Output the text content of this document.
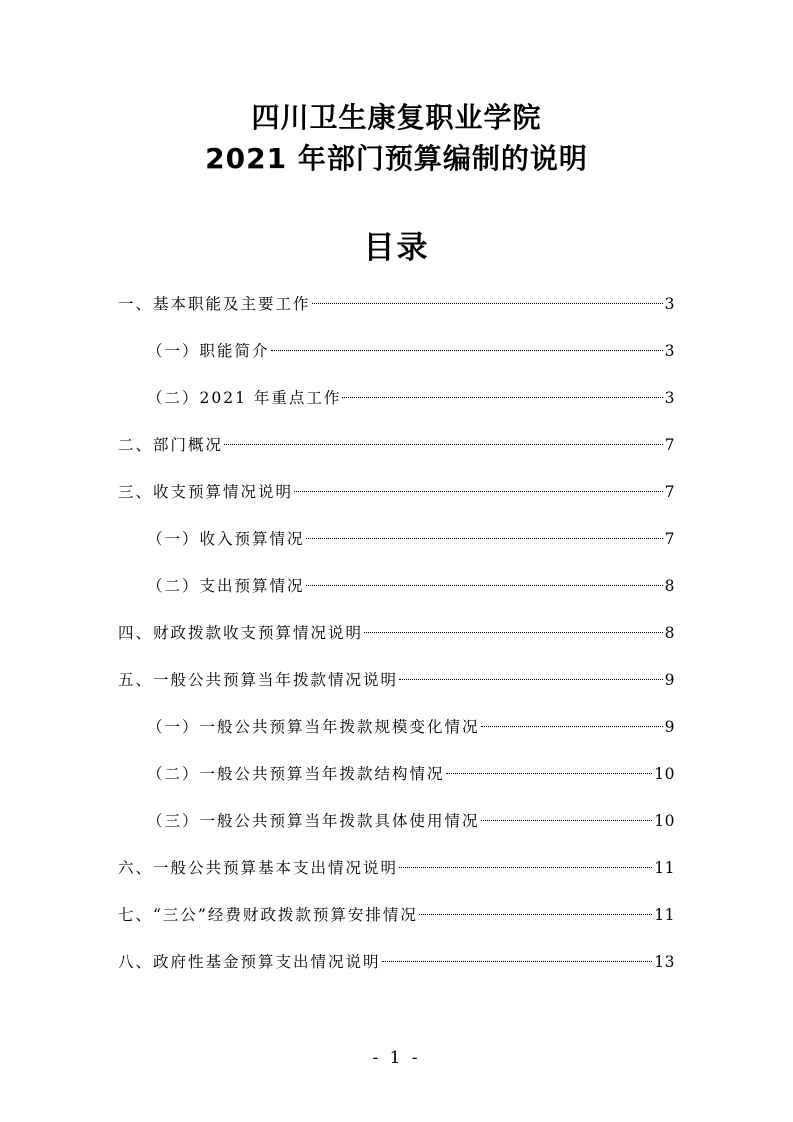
四川卫生康复职业学院
2021 年部门预算编制的说明
目录
一、基本职能及主要工作	3
（一）职能简介	3
（二）2021 年重点工作	3
二、部门概况	7
三、收支预算情况说明	7
（一）收入预算情况	7
（二）支出预算情况	8
四、财政拨款收支预算情况说明	8
五、一般公共预算当年拨款情况说明	9
（一）一般公共预算当年拨款规模变化情况	9
（二）一般公共预算当年拨款结构情况	10
（三）一般公共预算当年拨款具体使用情况	10
六、一般公共预算基本支出情况说明	11
七、“三公”经费财政拨款预算安排情况	11
八、政府性基金预算支出情况说明	13
- 1 -
